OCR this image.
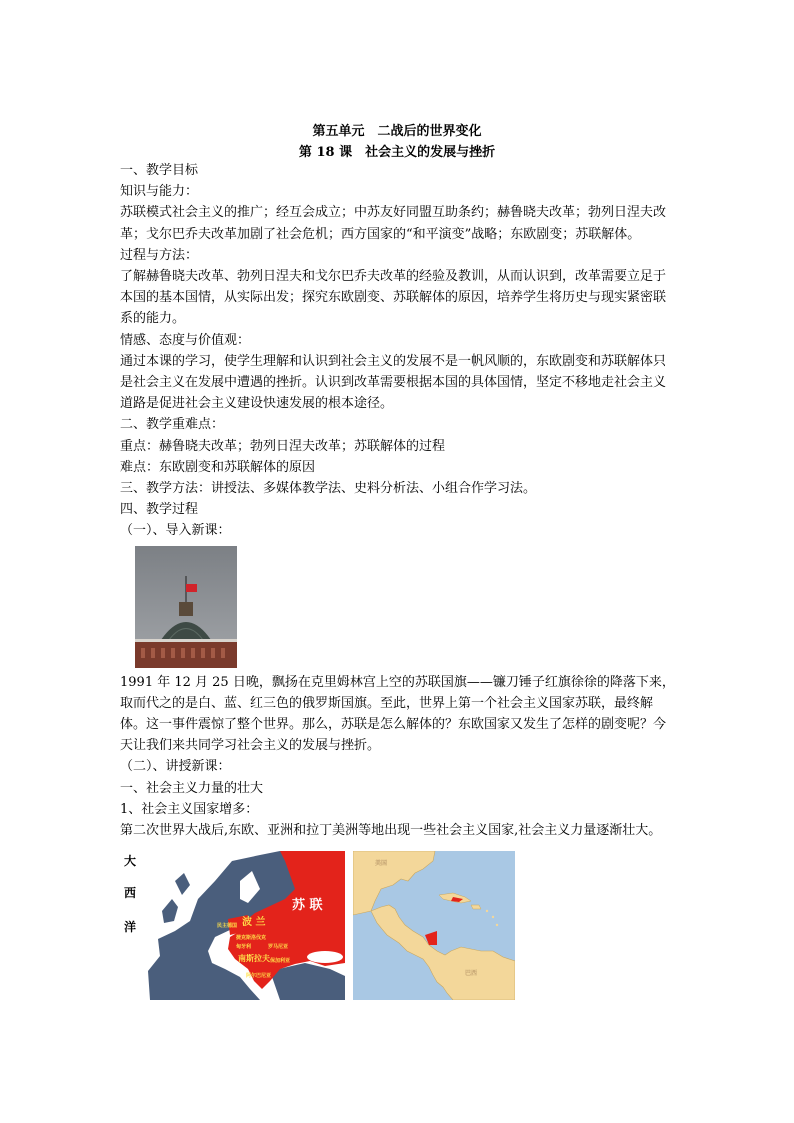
第五单元　二战后的世界变化
第 18 课　社会主义的发展与挫折

一、教学目标

知识与能力：

苏联模式社会主义的推广；经互会成立；中苏友好同盟互助条约；赫鲁晓夫改革；勃列日涅夫改革；戈尔巴乔夫改革加剧了社会危机；西方国家的“和平演变”战略；东欧剧变；苏联解体。

过程与方法：

了解赫鲁晓夫改革、勃列日涅夫和戈尔巴乔夫改革的经验及教训，从而认识到，改革需要立足于本国的基本国情，从实际出发；探究东欧剧变、苏联解体的原因，培养学生将历史与现实紧密联系的能力。

情感、态度与价值观：

通过本课的学习，使学生理解和认识到社会主义的发展不是一帆风顺的，东欧剧变和苏联解体只是社会主义在发展中遭遇的挫折。认识到改革需要根据本国的具体国情，坚定不移地走社会主义道路是促进社会主义建设快速发展的根本途径。

二、教学重难点：

重点：赫鲁晓夫改革；勃列日涅夫改革；苏联解体的过程

难点：东欧剧变和苏联解体的原因

三、教学方法：讲授法、多媒体教学法、史料分析法、小组合作学习法。

四、教学过程

（一）、导入新课：

1991 年 12 月 25 日晚，飘扬在克里姆林宫上空的苏联国旗——镰刀锤子红旗徐徐的降落下来，取而代之的是白、蓝、红三色的俄罗斯国旗。至此，世界上第一个社会主义国家苏联，最终解体。这一事件震惊了整个世界。那么，苏联是怎么解体的？东欧国家又发生了怎样的剧变呢？今天让我们来共同学习社会主义的发展与挫折。

（二）、讲授新课：

一、社会主义力量的壮大

1、社会主义国家增多：

第二次世界大战后,东欧、亚洲和拉丁美洲等地出现一些社会主义国家,社会主义力量逐渐壮大。

大
西
洋
苏 联
波 兰
民主德国
捷克斯洛伐克
匈牙利	罗马尼亚
南斯拉夫 保加利亚
阿尔巴尼亚
美国
巴西
